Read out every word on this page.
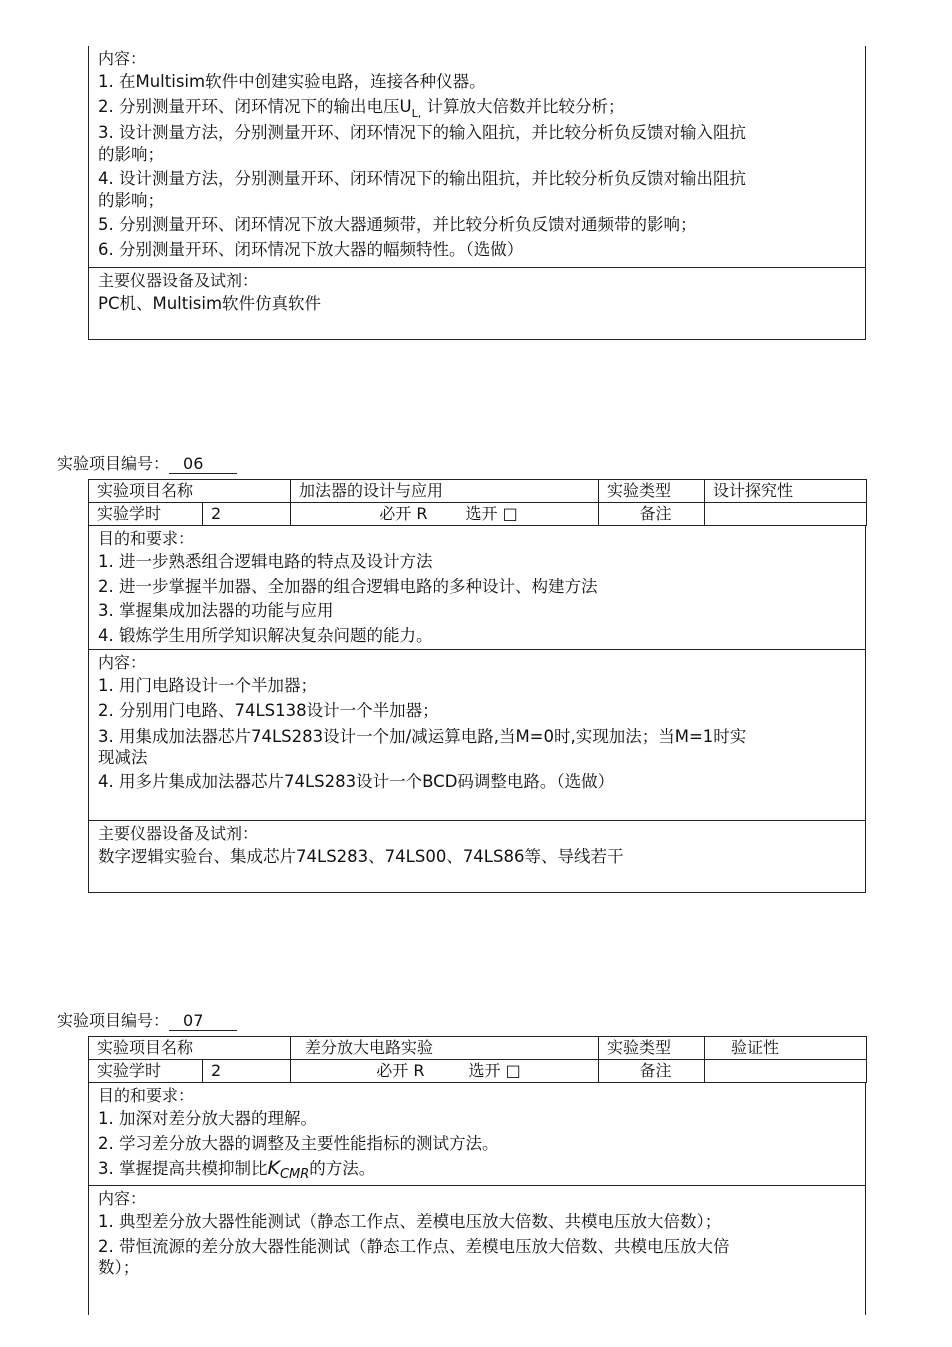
内容：
1. 在Multisim软件中创建实验电路，连接各种仪器。
2. 分别测量开环、闭环情况下的输出电压$U_{L,}$ 计算放大倍数并比较分析；
3. 设计测量方法，分别测量开环、闭环情况下的输入阻抗，并比较分析负反馈对输入阻抗
的影响；
4. 设计测量方法，分别测量开环、闭环情况下的输出阻抗，并比较分析负反馈对输出阻抗
的影响；
5. 分别测量开环、闭环情况下放大器通频带，并比较分析负反馈对通频带的影响；
6. 分别测量开环、闭环情况下放大器的幅频特性。（选做）
主要仪器设备及试剂：
PC机、Multisim软件仿真软件
实验项目编号： 06
实验项目名称		加法器的设计与应用	实验类型	设计探究性
实验学时	2	必开 R 选开 □	备注	
目的和要求：
1. 进一步熟悉组合逻辑电路的特点及设计方法
2. 进一步掌握半加器、全加器的组合逻辑电路的多种设计、构建方法
3. 掌握集成加法器的功能与应用
4. 锻炼学生用所学知识解决复杂问题的能力。
内容：
1. 用门电路设计一个半加器；
2. 分别用门电路、74LS138设计一个半加器；
3. 用集成加法器芯片74LS283设计一个加/减运算电路,当M=0时,实现加法；当M=1时实
现减法
4. 用多片集成加法器芯片74LS283设计一个BCD码调整电路。（选做）
主要仪器设备及试剂：
数字逻辑实验台、集成芯片74LS283、74LS00、74LS86等、导线若干
实验项目编号： 07
实验项目名称		差分放大电路实验	实验类型	验证性
实验学时	2	必开 R 选开 □	备注	
目的和要求：
1. 加深对差分放大器的理解。
2. 学习差分放大器的调整及主要性能指标的测试方法。
3. 掌握提高共模抑制比$K_{CMR}$的方法。
内容：
1. 典型差分放大器性能测试（静态工作点、差模电压放大倍数、共模电压放大倍数）；
2. 带恒流源的差分放大器性能测试（静态工作点、差模电压放大倍数、共模电压放大倍
数）；
